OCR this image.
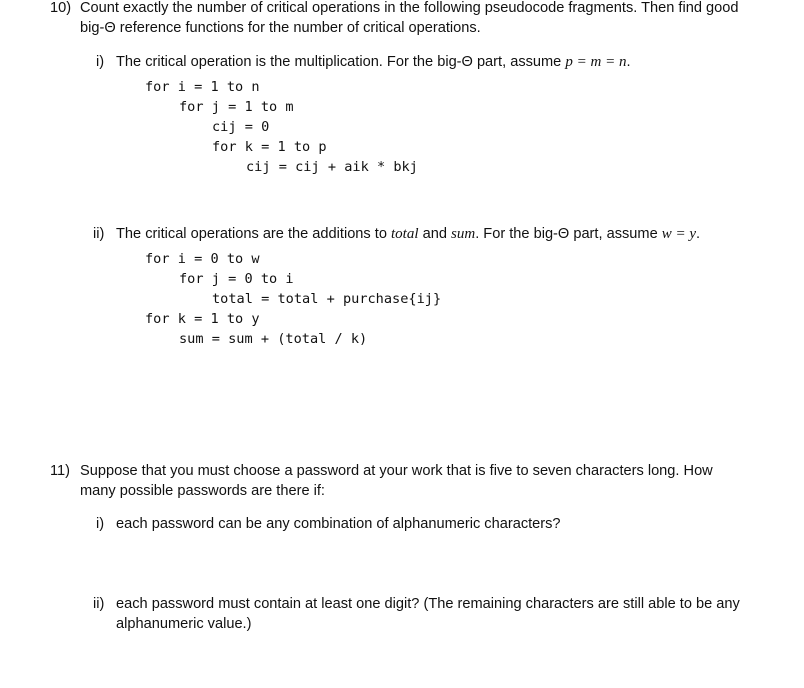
10) Count exactly the number of critical operations in the following pseudocode fragments. Then find good
big-Θ reference functions for the number of critical operations.
i) The critical operation is the multiplication. For the big-Θ part, assume p = m = n.
for i = 1 to n
for j = 1 to m
cij = 0
for k = 1 to p
cij = cij + aik * bkj
ii) The critical operations are the additions to total and sum. For the big-Θ part, assume w = y.
for i = 0 to w
for j = 0 to i
total = total + purchase{ij}
for k = 1 to y
sum = sum + (total / k)
11) Suppose that you must choose a password at your work that is five to seven characters long. How
many possible passwords are there if:
i) each password can be any combination of alphanumeric characters?
ii) each password must contain at least one digit? (The remaining characters are still able to be any
alphanumeric value.)
